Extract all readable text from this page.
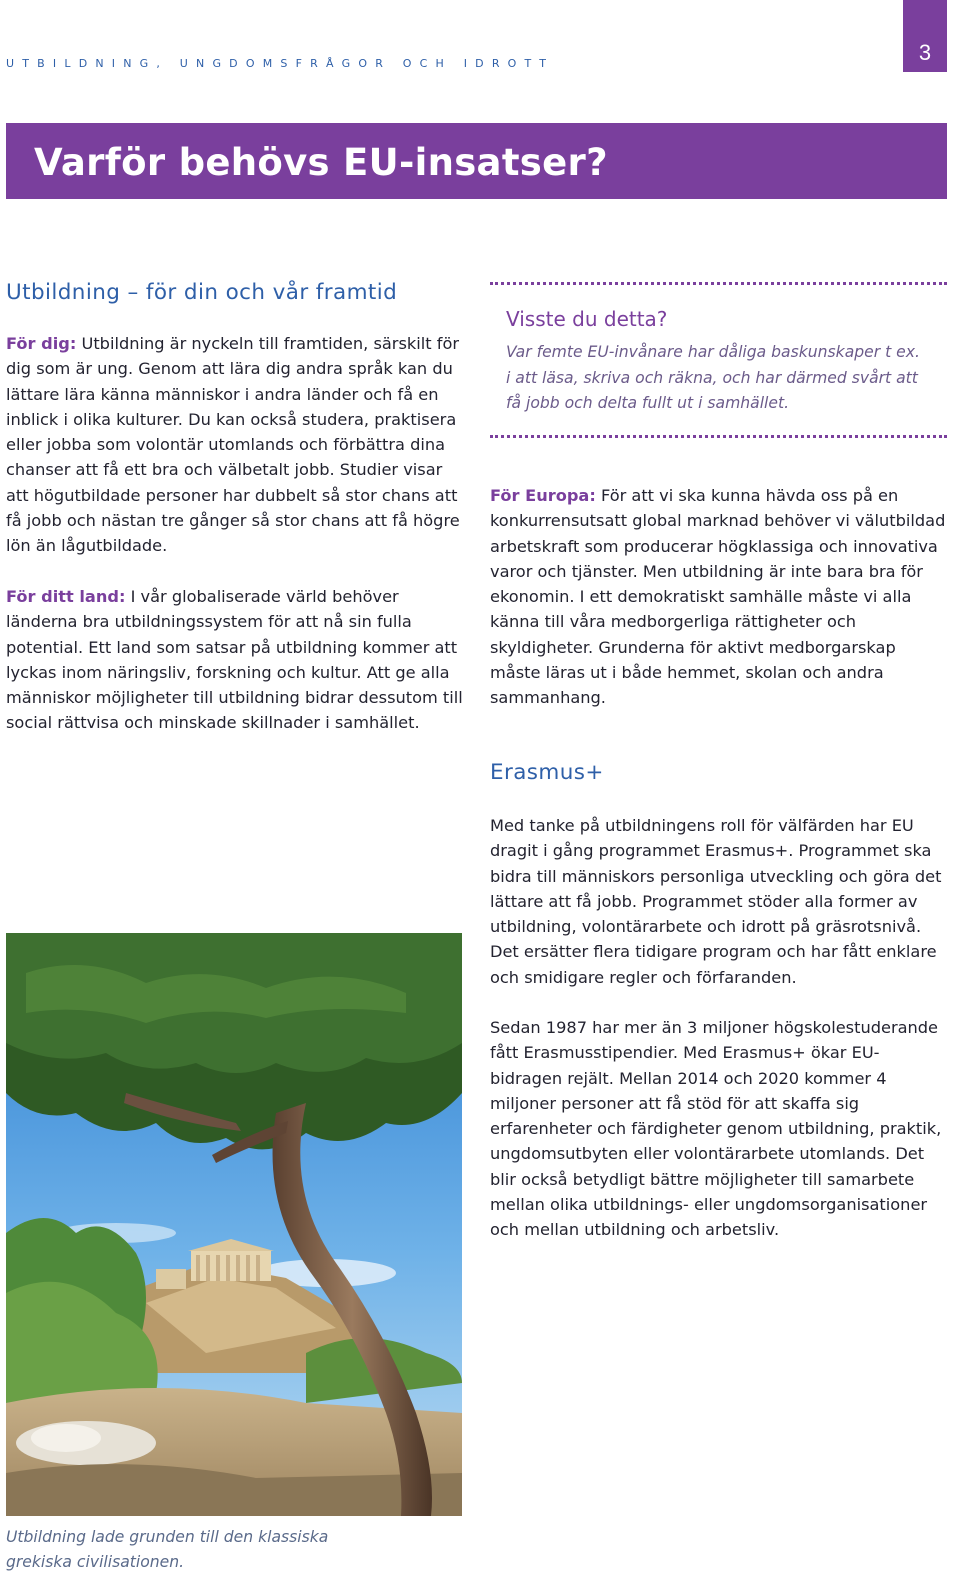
UTBILDNING, UNGDOMSFRÅGOR OCH IDROTT	3
Varför behövs EU-insatser?
Utbildning – för din och vår framtid

För dig: Utbildning är nyckeln till framtiden, särskilt för dig som är ung. Genom att lära dig andra språk kan du lättare lära känna människor i andra länder och få en inblick i olika kulturer. Du kan också studera, praktisera eller jobba som volontär utomlands och förbättra dina chanser att få ett bra och välbetalt jobb. Studier visar att högutbildade personer har dubbelt så stor chans att få jobb och nästan tre gånger så stor chans att få högre lön än lågutbildade.

För ditt land: I vår globaliserade värld behöver länderna bra utbildningssystem för att nå sin fulla potential. Ett land som satsar på utbildning kommer att lyckas inom näringsliv, forskning och kultur. Att ge alla människor möjligheter till utbildning bidrar dessutom till social rättvisa och minskade skillnader i samhället.

Visste du detta?

Var femte EU-invånare har dåliga baskunskaper t ex. i att läsa, skriva och räkna, och har därmed svårt att få jobb och delta fullt ut i samhället.

För Europa: För att vi ska kunna hävda oss på en konkurrensutsatt global marknad behöver vi välutbildad arbetskraft som producerar högklassiga och innovativa varor och tjänster. Men utbildning är inte bara bra för ekonomin. I ett demokratiskt samhälle måste vi alla känna till våra medborgerliga rättigheter och skyldigheter. Grunderna för aktivt medborgarskap måste läras ut i både hemmet, skolan och andra sammanhang.

Erasmus+

Med tanke på utbildningens roll för välfärden har EU dragit i gång programmet Erasmus+. Programmet ska bidra till människors personliga utveckling och göra det lättare att få jobb. Programmet stöder alla former av utbildning, volontärarbete och idrott på gräsrotsnivå. Det ersätter flera tidigare program och har fått enklare och smidigare regler och förfaranden.

Sedan 1987 har mer än 3 miljoner högskolestuderande fått Erasmusstipendier. Med Erasmus+ ökar EU-bidragen rejält. Mellan 2014 och 2020 kommer 4 miljoner personer att få stöd för att skaffa sig erfarenheter och färdigheter genom utbildning, praktik, ungdomsutbyten eller volontärarbete utomlands. Det blir också betydligt bättre möjligheter till samarbete mellan olika utbildnings- eller ungdomsorganisationer och mellan utbildning och arbetsliv.

Utbildning lade grunden till den klassiska grekiska civilisationen.
